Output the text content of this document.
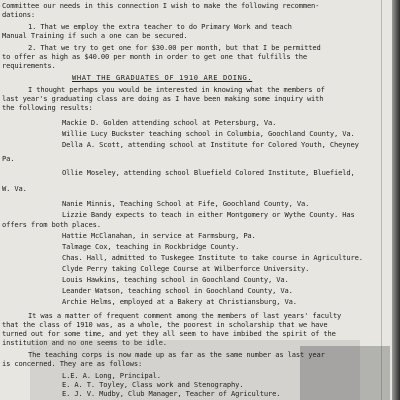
Committee our needs in this connection I wish to make the following recommen-
dations:
1. That we employ the extra teacher to do Primary Work and teach
Manual Training if such a one can be secured.
2. That we try to get one for $30.00 per month, but that I be permitted
to offer as high as $40.00 per month in order to get one that fulfills the
requirements.
WHAT THE GRADUATES OF 1910 ARE DOING.
I thought perhaps you would be interested in knowing what the members of
last year's graduating class are doing as I have been making some inquiry with
the following results:
Mackie D. Golden attending school at Petersburg, Va.
Willie Lucy Buckster teaching school in Columbia, Goochland County, Va.
Della A. Scott, attending school at Institute for Colored Youth, Cheyney
Pa.
Ollie Moseley, attending school Bluefield Colored Institute, Bluefield,
W. Va.
Nanie Minnis, Teaching School at Fife, Goochland County, Va.
Lizzie Bandy expects to teach in either Montgomery or Wythe County. Has
offers from both places.
Hattie McClanahan, in service at Farmsburg, Pa.
Talmage Cox, teaching in Rockbridge County.
Chas. Hall, admitted to Tuskegee Institute to take course in Agriculture.
Clyde Perry taking College Course at Wilberforce University.
Louis Hawkins, teaching school in Goochland County, Va.
Leander Watson, teaching school in Goochland County, Va.
Archie Helms, employed at a Bakery at Christiansburg, Va.
It was a matter of frequent comment among the members of last years' faculty
that the class of 1910 was, as a whole, the poorest in scholarship that we have
turned out for some time, and yet they all seem to have imbibed the spirit of the
institution and no one seems to be idle.
The teaching corps is now made up as far as the same number as last year
is concerned. They are as follows:
L.E. A. Long, Principal.
E. A. T. Toyley, Class work and Stenography.
E. J. V. Mudby, Club Manager, Teacher of Agriculture.
